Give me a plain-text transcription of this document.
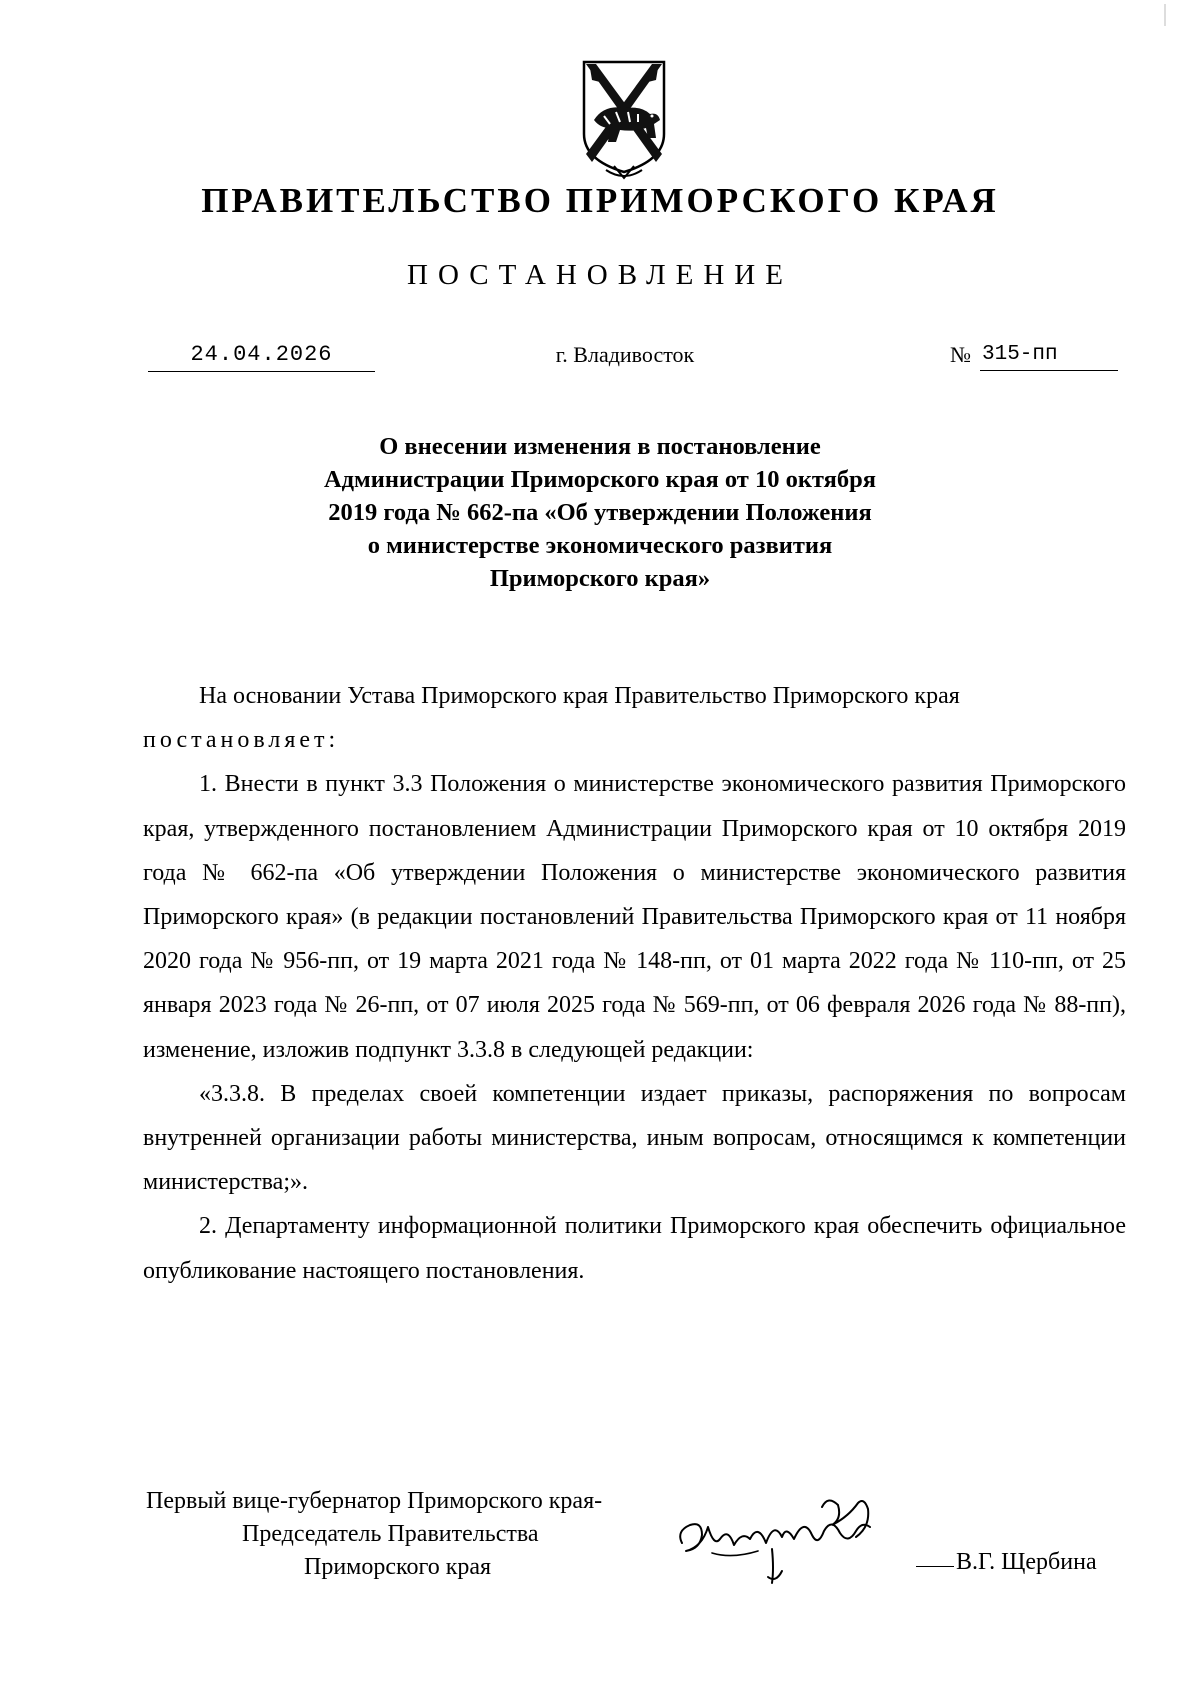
ПРАВИТЕЛЬСТВО ПРИМОРСКОГО КРАЯ
ПОСТАНОВЛЕНИЕ
24.04.2026	г. Владивосток	№ 315-пп
О внесении изменения в постановление
Администрации Приморского края от 10 октября
2019 года № 662-па «Об утверждении Положения
о министерстве экономического развития
Приморского края»

На основании Устава Приморского края Правительство Приморского края

постановляет:

1. Внести в пункт 3.3 Положения о министерстве экономического развития Приморского края, утвержденного постановлением Администрации Приморского края от 10 октября 2019 года № 662-па «Об утверждении Положения о министерстве экономического развития Приморского края» (в редакции постановлений Правительства Приморского края от 11 ноября 2020 года № 956-пп, от 19 марта 2021 года № 148-пп, от 01 марта 2022 года № 110-пп, от 25 января 2023 года № 26-пп, от 07 июля 2025 года № 569-пп, от 06 февраля 2026 года № 88-пп), изменение, изложив подпункт 3.3.8 в следующей редакции:

«3.3.8. В пределах своей компетенции издает приказы, распоряжения по вопросам внутренней организации работы министерства, иным вопросам, относящимся к компетенции министерства;».

2. Департаменту информационной политики Приморского края обеспечить официальное опубликование настоящего постановления.

Первый вице-губернатор Приморского края-
Председатель Правительства
Приморского края	В.Г. Щербина
